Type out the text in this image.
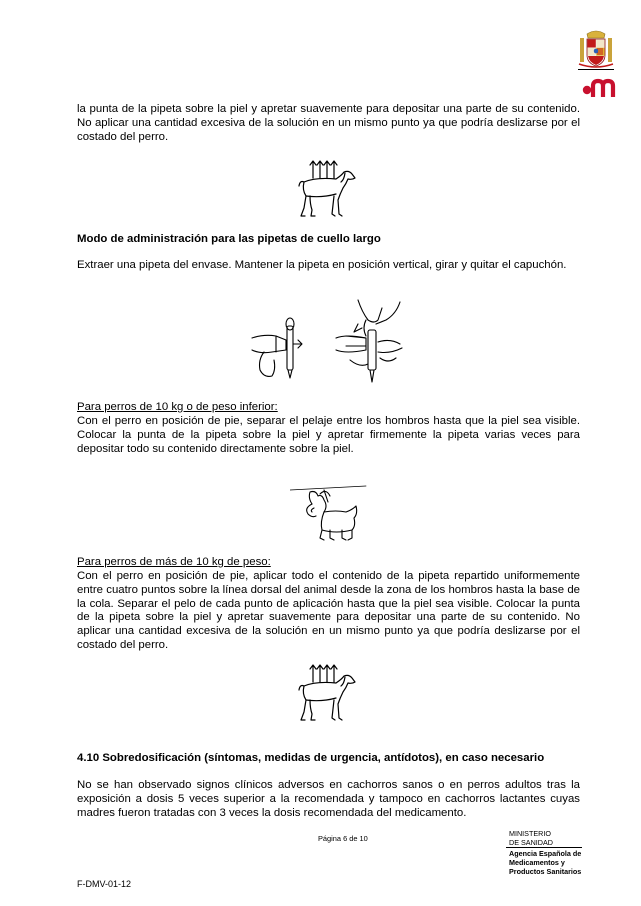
la punta de la pipeta sobre la piel y apretar suavemente para depositar una parte de su contenido. No aplicar una cantidad excesiva de la solución en un mismo punto ya que podría deslizarse por el costado del perro.

Modo de administración para las pipetas de cuello largo

Extraer una pipeta del envase. Mantener la pipeta en posición vertical, girar y quitar el capuchón.

Para perros de 10 kg o de peso inferior:

Con el perro en posición de pie, separar el pelaje entre los hombros hasta que la piel sea visible. Colocar la punta de la pipeta sobre la piel y apretar firmemente la pipeta varias veces para depositar todo su contenido directamente sobre la piel.

Para perros de más de 10 kg de peso:

Con el perro en posición de pie, aplicar todo el contenido de la pipeta repartido uniformemente entre cuatro puntos sobre la línea dorsal del animal desde la zona de los hombros hasta la base de la cola. Separar el pelo de cada punto de aplicación hasta que la piel sea visible. Colocar la punta de la pipeta sobre la piel y apretar suavemente para depositar una parte de su contenido. No aplicar una cantidad excesiva de la solución en un mismo punto ya que podría deslizarse por el costado del perro.

4.10 Sobredosificación (síntomas, medidas de urgencia, antídotos), en caso necesario

No se han observado signos clínicos adversos en cachorros sanos o en perros adultos tras la exposición a dosis 5 veces superior a la recomendada y tampoco en cachorros lactantes cuyas madres fueron tratadas con 3 veces la dosis recomendada del medicamento.

Página 6 de 10
MINISTERIO
DE SANIDAD
Agencia Española de
Medicamentos y
Productos Sanitarios
F-DMV-01-12
